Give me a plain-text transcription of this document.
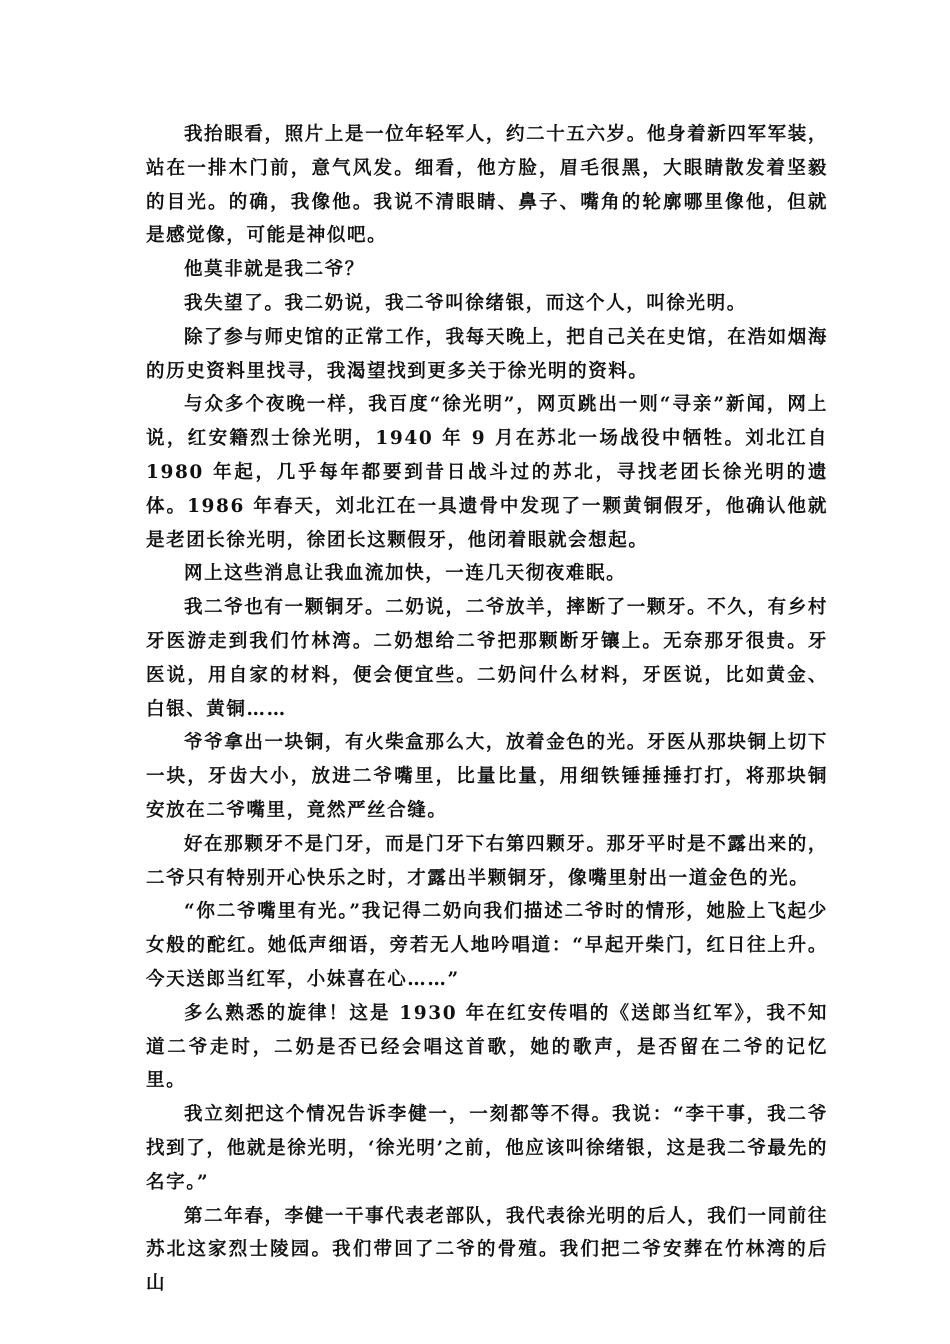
我抬眼看，照片上是一位年轻军人，约二十五六岁。他身着新四军军装，站在一排木门前，意气风发。细看，他方脸，眉毛很黑，大眼睛散发着坚毅的目光。的确，我像他。我说不清眼睛、鼻子、嘴角的轮廓哪里像他，但就是感觉像，可能是神似吧。

他莫非就是我二爷？

我失望了。我二奶说，我二爷叫徐绪银，而这个人，叫徐光明。

除了参与师史馆的正常工作，我每天晚上，把自己关在史馆，在浩如烟海的历史资料里找寻，我渴望找到更多关于徐光明的资料。

与众多个夜晚一样，我百度“徐光明”，网页跳出一则“寻亲”新闻，网上说，红安籍烈士徐光明，1940 年 9 月在苏北一场战役中牺牲。刘北江自 1980 年起，几乎每年都要到昔日战斗过的苏北，寻找老团长徐光明的遗体。1986 年春天，刘北江在一具遗骨中发现了一颗黄铜假牙，他确认他就是老团长徐光明，徐团长这颗假牙，他闭着眼就会想起。

网上这些消息让我血流加快，一连几天彻夜难眠。

我二爷也有一颗铜牙。二奶说，二爷放羊，摔断了一颗牙。不久，有乡村牙医游走到我们竹林湾。二奶想给二爷把那颗断牙镶上。无奈那牙很贵。牙医说，用自家的材料，便会便宜些。二奶问什么材料，牙医说，比如黄金、白银、黄铜……

爷爷拿出一块铜，有火柴盒那么大，放着金色的光。牙医从那块铜上切下一块，牙齿大小，放进二爷嘴里，比量比量，用细铁锤捶捶打打，将那块铜安放在二爷嘴里，竟然严丝合缝。

好在那颗牙不是门牙，而是门牙下右第四颗牙。那牙平时是不露出来的，二爷只有特别开心快乐之时，才露出半颗铜牙，像嘴里射出一道金色的光。

“你二爷嘴里有光。”我记得二奶向我们描述二爷时的情形，她脸上飞起少女般的酡红。她低声细语，旁若无人地吟唱道：“早起开柴门，红日往上升。今天送郎当红军，小妹喜在心……”

多么熟悉的旋律！这是 1930 年在红安传唱的《送郎当红军》，我不知道二爷走时，二奶是否已经会唱这首歌，她的歌声，是否留在二爷的记忆里。

我立刻把这个情况告诉李健一，一刻都等不得。我说：“李干事，我二爷找到了，他就是徐光明，‘徐光明’之前，他应该叫徐绪银，这是我二爷最先的名字。”

第二年春，李健一干事代表老部队，我代表徐光明的后人，我们一同前往苏北这家烈士陵园。我们带回了二爷的骨殖。我们把二爷安葬在竹林湾的后山
